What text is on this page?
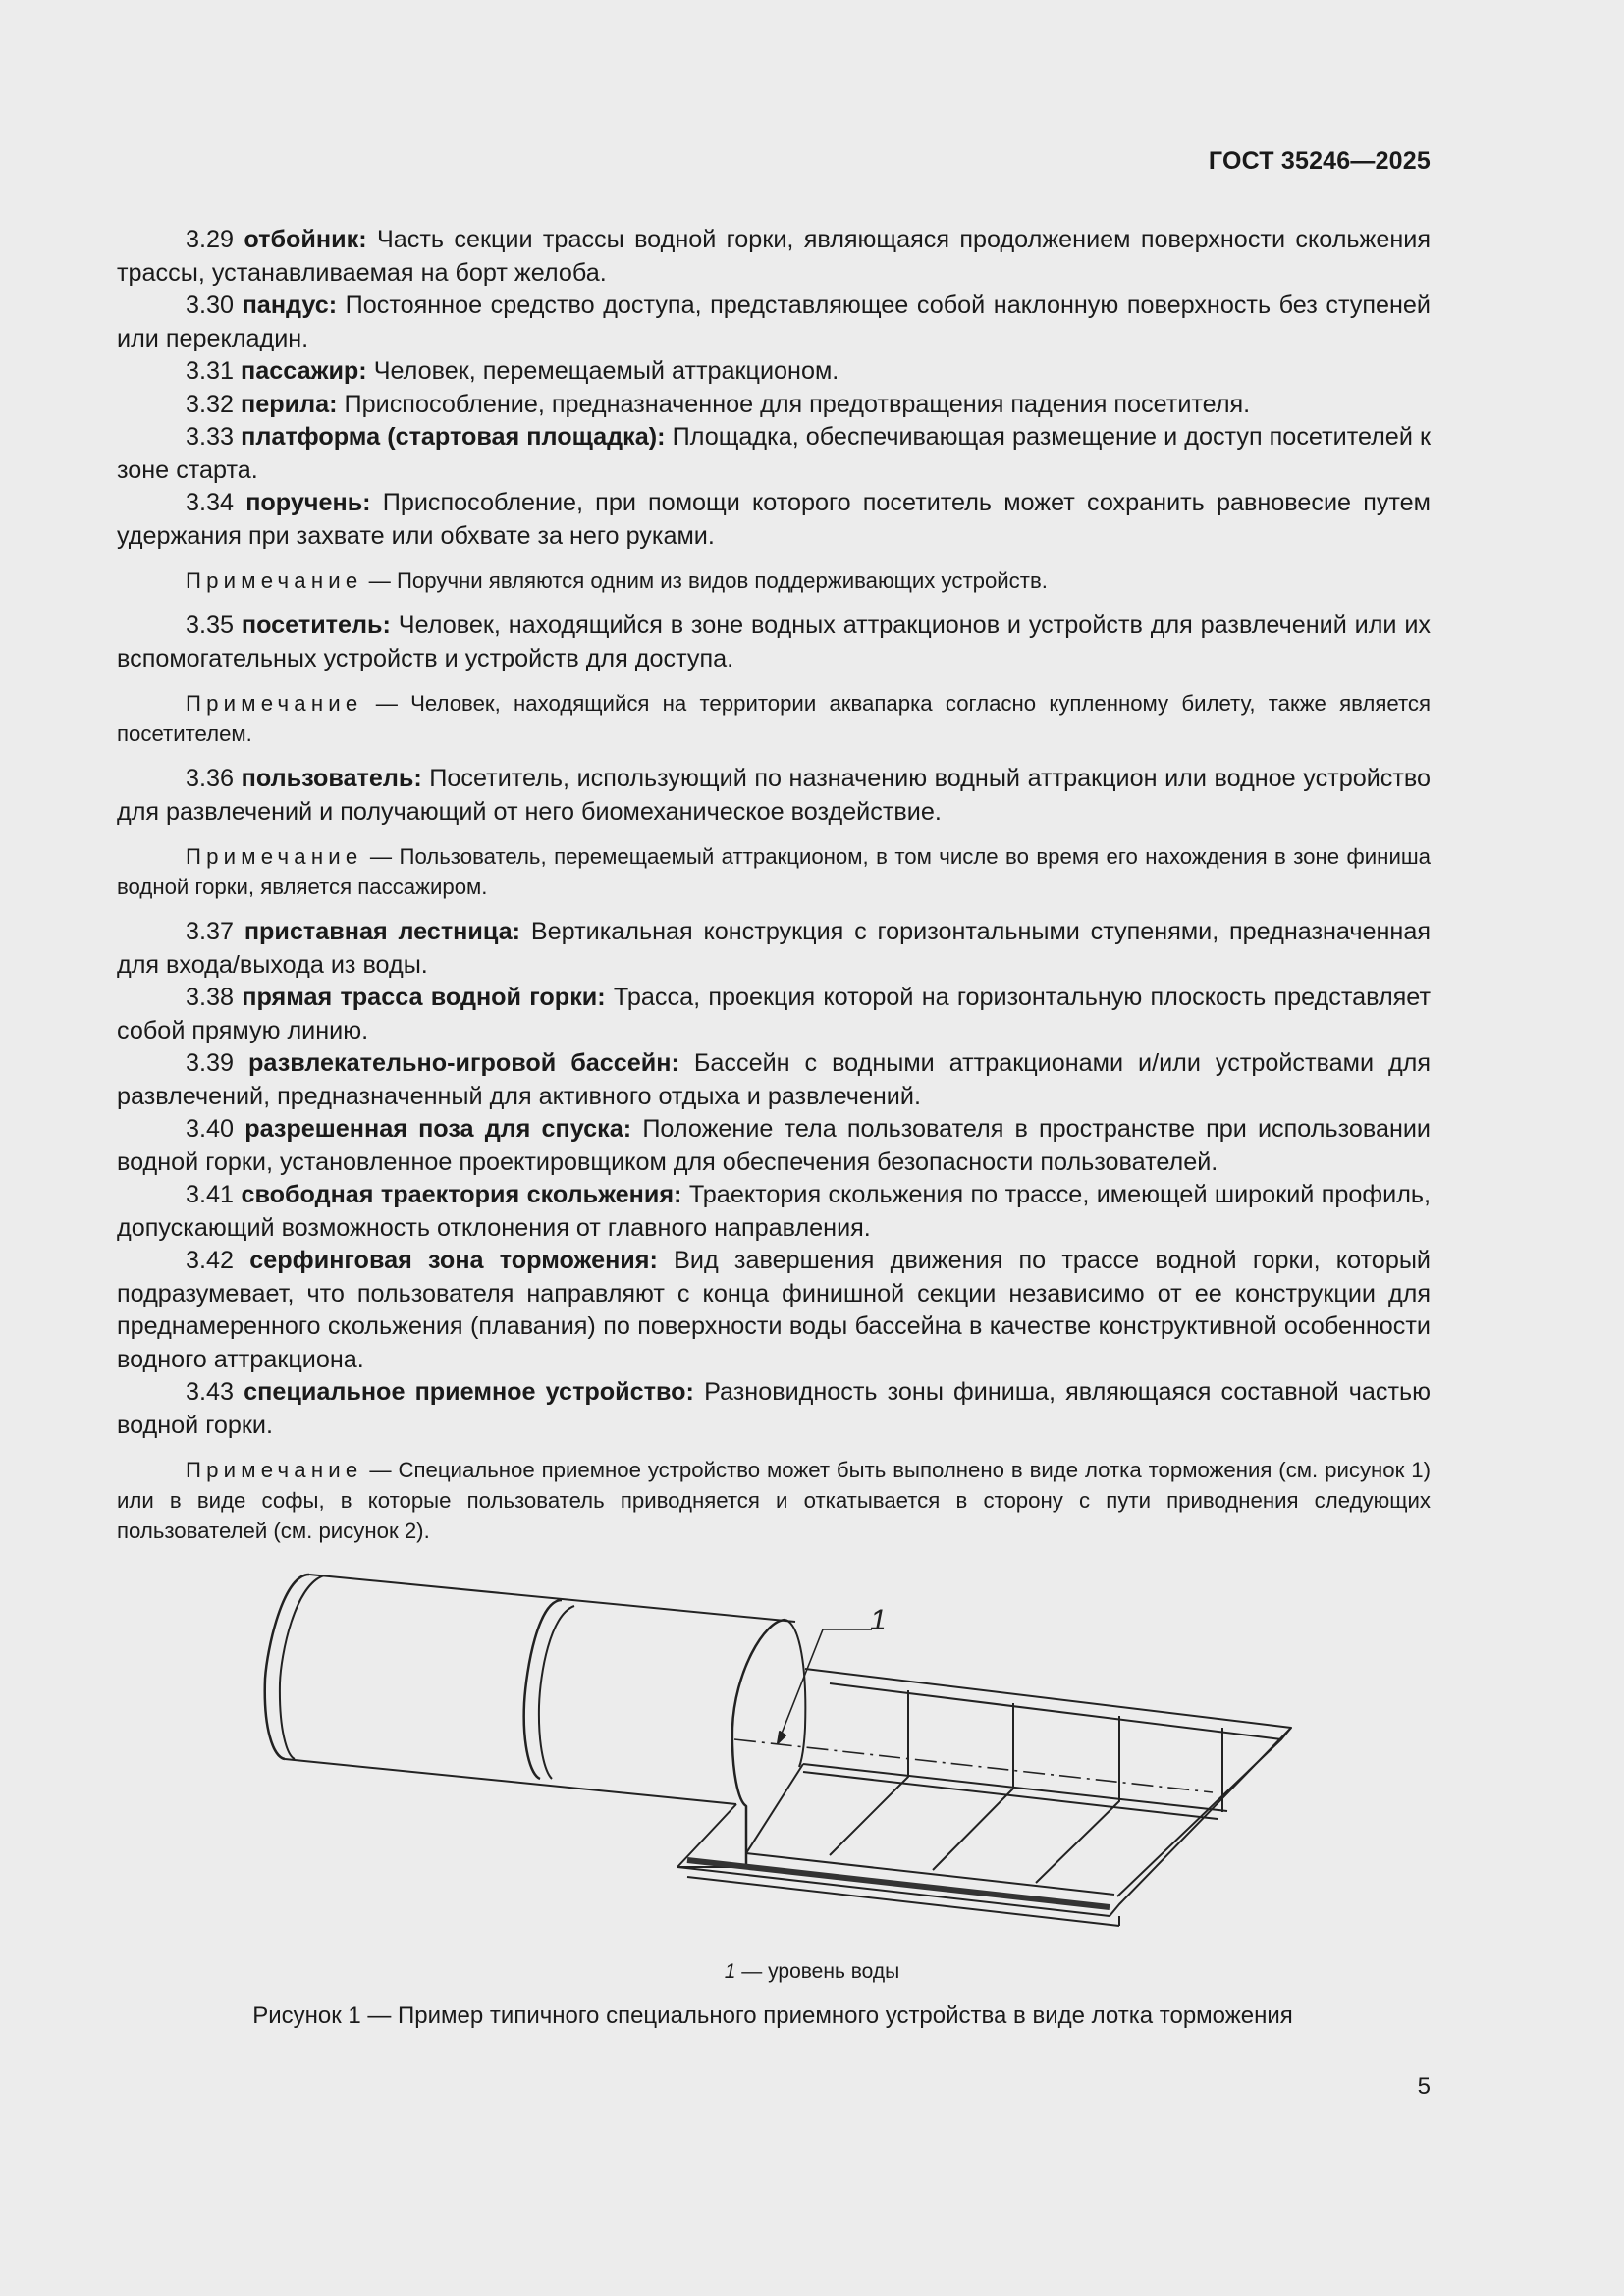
ГОСТ 35246—2025

3.29 отбойник: Часть секции трассы водной горки, являющаяся продолжением поверхности скольжения трассы, устанавливаемая на борт желоба.

3.30 пандус: Постоянное средство доступа, представляющее собой наклонную поверхность без ступеней или перекладин.

3.31 пассажир: Человек, перемещаемый аттракционом.

3.32 перила: Приспособление, предназначенное для предотвращения падения посетителя.

3.33 платформа (стартовая площадка): Площадка, обеспечивающая размещение и доступ посетителей к зоне старта.

3.34 поручень: Приспособление, при помощи которого посетитель может сохранить равновесие путем удержания при захвате или обхвате за него руками.

Примечание — Поручни являются одним из видов поддерживающих устройств.

3.35 посетитель: Человек, находящийся в зоне водных аттракционов и устройств для развлечений или их вспомогательных устройств и устройств для доступа.

Примечание — Человек, находящийся на территории аквапарка согласно купленному билету, также является посетителем.

3.36 пользователь: Посетитель, использующий по назначению водный аттракцион или водное устройство для развлечений и получающий от него биомеханическое воздействие.

Примечание — Пользователь, перемещаемый аттракционом, в том числе во время его нахождения в зоне финиша водной горки, является пассажиром.

3.37 приставная лестница: Вертикальная конструкция с горизонтальными ступенями, предназначенная для входа/выхода из воды.

3.38 прямая трасса водной горки: Трасса, проекция которой на горизонтальную плоскость представляет собой прямую линию.

3.39 развлекательно-игровой бассейн: Бассейн с водными аттракционами и/или устройствами для развлечений, предназначенный для активного отдыха и развлечений.

3.40 разрешенная поза для спуска: Положение тела пользователя в пространстве при использовании водной горки, установленное проектировщиком для обеспечения безопасности пользователей.

3.41 свободная траектория скольжения: Траектория скольжения по трассе, имеющей широкий профиль, допускающий возможность отклонения от главного направления.

3.42 серфинговая зона торможения: Вид завершения движения по трассе водной горки, который подразумевает, что пользователя направляют с конца финишной секции независимо от ее конструкции для преднамеренного скольжения (плавания) по поверхности воды бассейна в качестве конструктивной особенности водного аттракциона.

3.43 специальное приемное устройство: Разновидность зоны финиша, являющаяся составной частью водной горки.

Примечание — Специальное приемное устройство может быть выполнено в виде лотка торможения (см. рисунок 1) или в виде софы, в которые пользователь приводняется и откатывается в сторону с пути приводнения следующих пользователей (см. рисунок 2).

1
1 — уровень воды
Рисунок 1 — Пример типичного специального приемного устройства в виде лотка торможения
5
